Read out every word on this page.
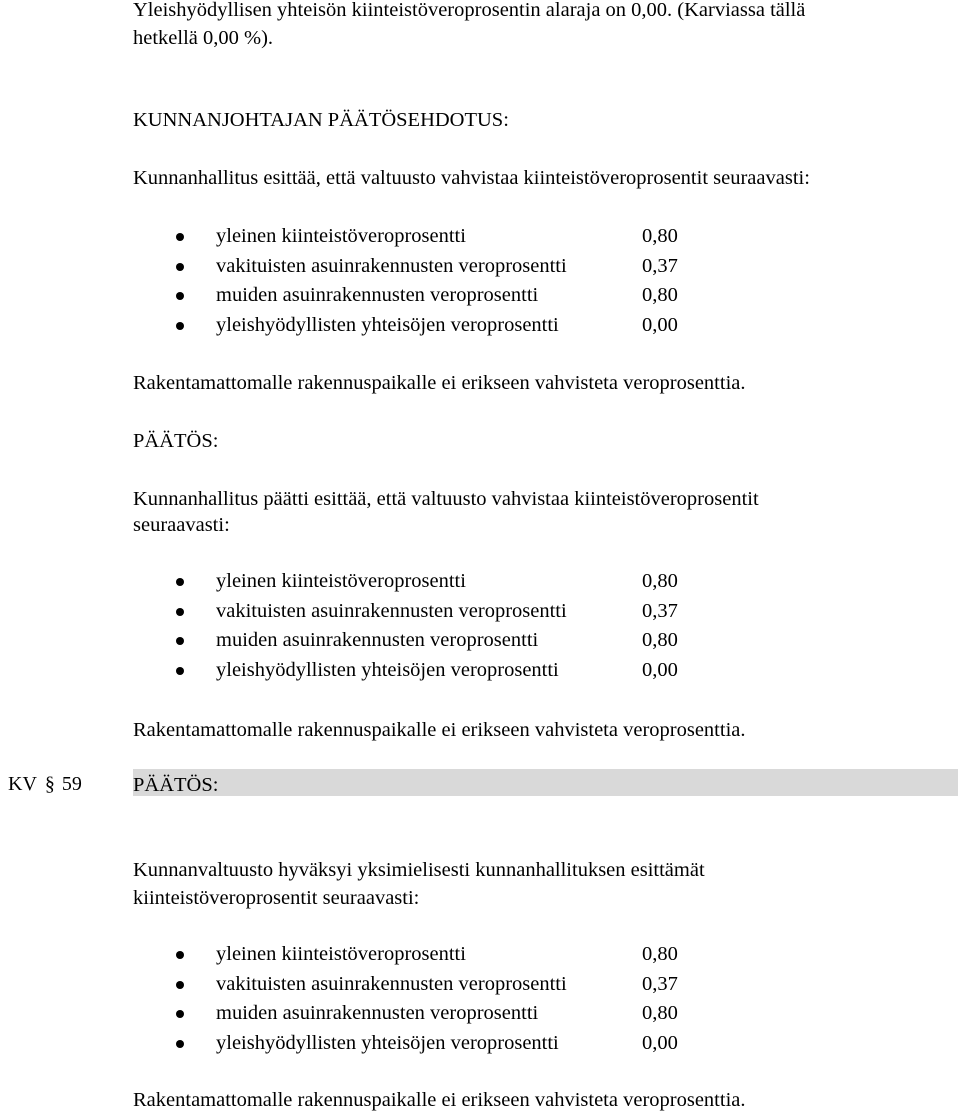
Yleishyödyllisen yhteisön kiinteistöveroprosentin alaraja on 0,00. (Karviassa tällä

hetkellä 0,00 %).

KUNNANJOHTAJAN PÄÄTÖSEHDOTUS:

Kunnanhallitus esittää, että valtuusto vahvistaa kiinteistöveroprosentit seuraavasti:

yleinen kiinteistöveroprosentti	0,80
vakituisten asuinrakennusten veroprosentti	0,37
muiden asuinrakennusten veroprosentti	0,80
yleishyödyllisten yhteisöjen veroprosentti	0,00

Rakentamattomalle rakennuspaikalle ei erikseen vahvisteta veroprosenttia.

PÄÄTÖS:

Kunnanhallitus päätti esittää, että valtuusto vahvistaa kiinteistöveroprosentit

seuraavasti:

yleinen kiinteistöveroprosentti	0,80
vakituisten asuinrakennusten veroprosentti	0,37
muiden asuinrakennusten veroprosentti	0,80
yleishyödyllisten yhteisöjen veroprosentti	0,00

Rakentamattomalle rakennuspaikalle ei erikseen vahvisteta veroprosenttia.

KV § 59 PÄÄTÖS:

Kunnanvaltuusto hyväksyi yksimielisesti kunnanhallituksen esittämät

kiinteistöveroprosentit seuraavasti:

yleinen kiinteistöveroprosentti	0,80
vakituisten asuinrakennusten veroprosentti	0,37
muiden asuinrakennusten veroprosentti	0,80
yleishyödyllisten yhteisöjen veroprosentti	0,00

Rakentamattomalle rakennuspaikalle ei erikseen vahvisteta veroprosenttia.
